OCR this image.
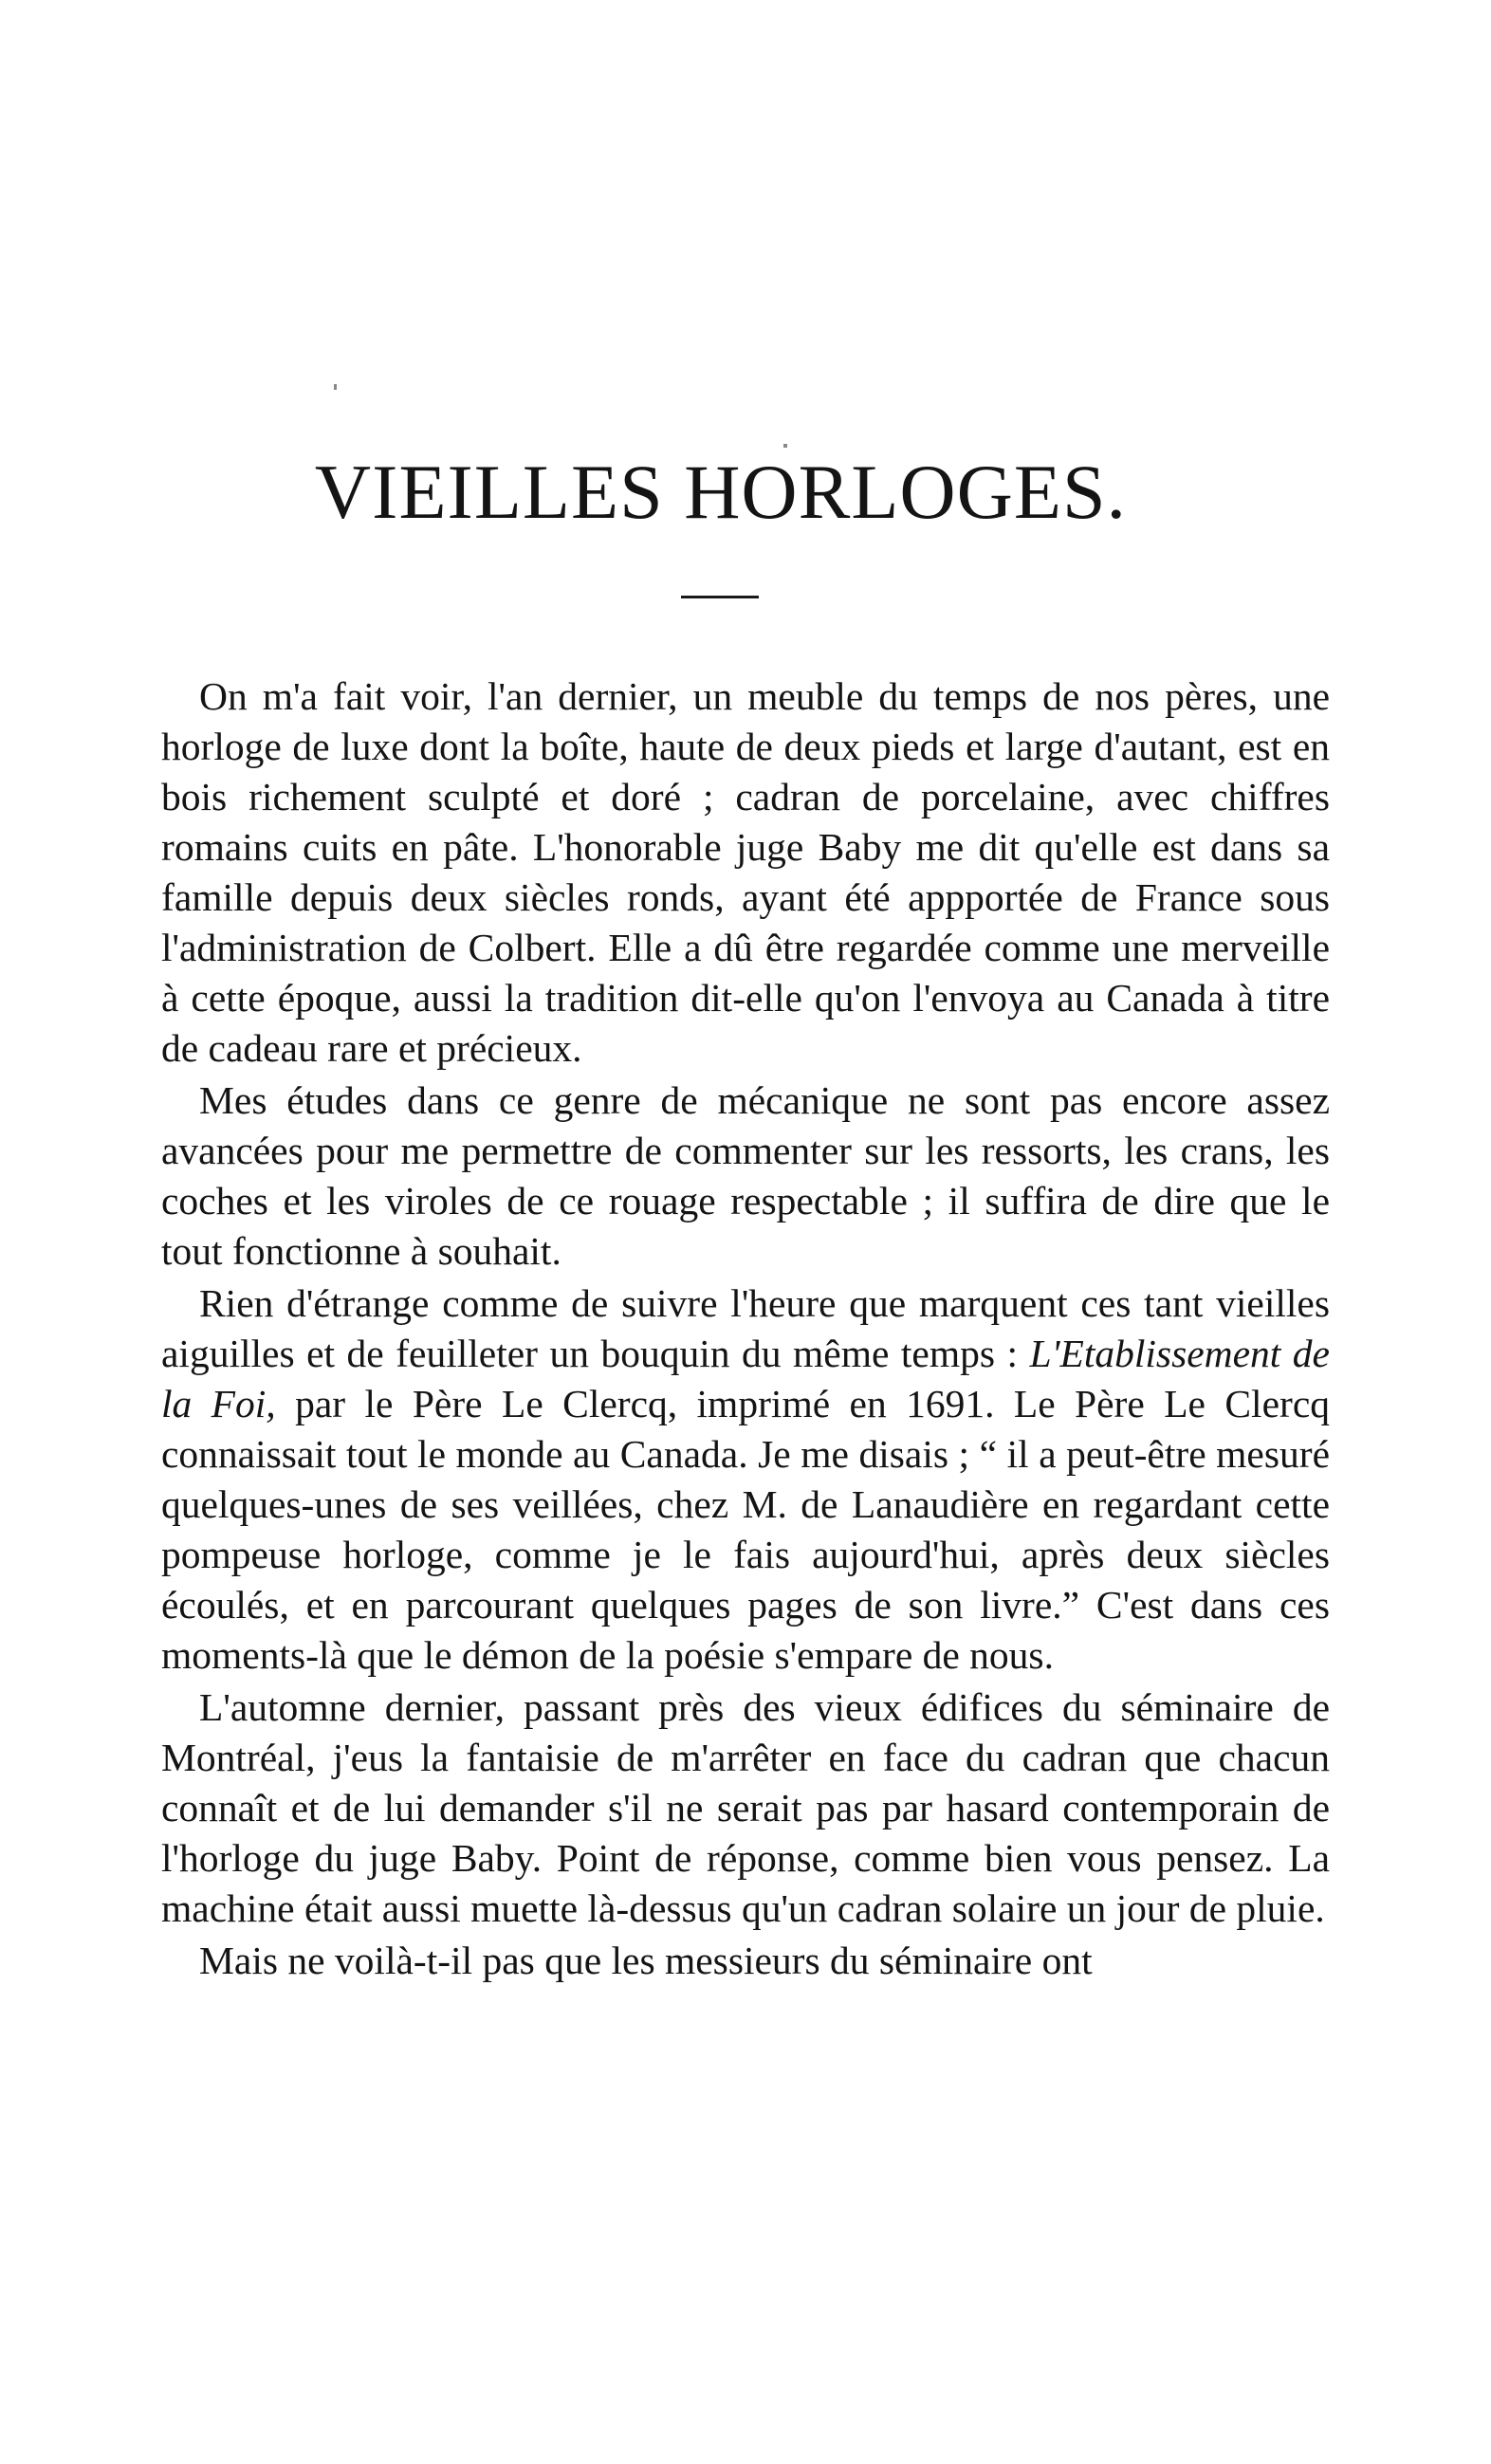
VIEILLES HORLOGES.

On m'a fait voir, l'an dernier, un meuble du temps de nos pères, une horloge de luxe dont la boîte, haute de deux pieds et large d'autant, est en bois richement sculpté et doré ; cadran de porcelaine, avec chiffres romains cuits en pâte. L'honorable juge Baby me dit qu'elle est dans sa famille depuis deux siècles ronds, ayant été appportée de France sous l'administration de Colbert. Elle a dû être regardée comme une merveille à cette époque, aussi la tradition dit-elle qu'on l'envoya au Canada à titre de cadeau rare et précieux.

Mes études dans ce genre de mécanique ne sont pas encore assez avancées pour me permettre de commenter sur les ressorts, les crans, les coches et les viroles de ce rouage respectable ; il suffira de dire que le tout fonctionne à souhait.

Rien d'étrange comme de suivre l'heure que marquent ces tant vieilles aiguilles et de feuilleter un bouquin du même temps : L'Etablissement de la Foi, par le Père Le Clercq, imprimé en 1691. Le Père Le Clercq connaissait tout le monde au Canada. Je me disais ; “ il a peut-être mesuré quelques-unes de ses veillées, chez M. de Lanaudière en regardant cette pompeuse horloge, comme je le fais aujourd'hui, après deux siècles écoulés, et en parcourant quelques pages de son livre.” C'est dans ces moments-là que le démon de la poésie s'empare de nous.

L'automne dernier, passant près des vieux édifices du séminaire de Montréal, j'eus la fantaisie de m'arrêter en face du cadran que chacun connaît et de lui demander s'il ne serait pas par hasard contemporain de l'horloge du juge Baby. Point de réponse, comme bien vous pensez. La machine était aussi muette là-dessus qu'un cadran solaire un jour de pluie.

Mais ne voilà-t-il pas que les messieurs du séminaire ont
